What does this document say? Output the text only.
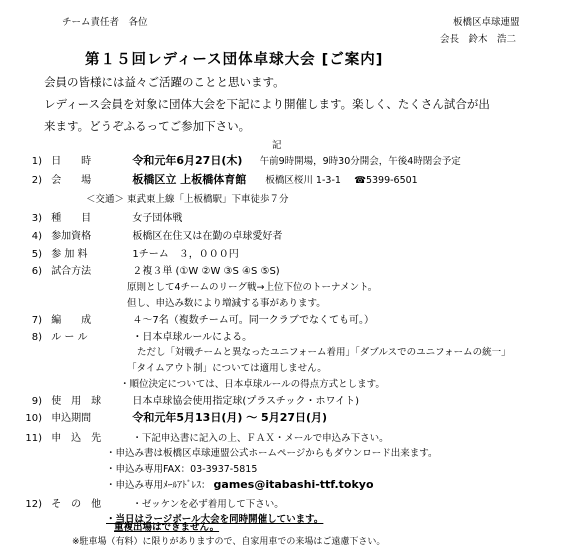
チーム責任者　各位	板橋区卓球連盟
会長　鈴木　浩二
第１５回レディース団体卓球大会 [ご案内]
会員の皆様には益々ご活躍のことと思います。
レディース会員を対象に団体大会を下記により開催します。楽しく、たくさん試合が出
来ます。どうぞふるってご参加下さい。
記
1) 日　　時	令和元年6月27日(木) 午前9時開場，9時30分開会，午後4時閉会予定
2) 会　　場	板橋区立 上板橋体育館 板橋区桜川 1-3-1 ☎5399-6501
＜交通＞ 東武東上線「上板橋駅」下車徒歩７分
3) 種　　目	女子団体戦
4) 参加資格	板橋区在住又は在勤の卓球愛好者
5) 参 加 料	1チーム　３，０００円
6) 試合方法	２複３単 (①W ②W ③S ④S ⑤S)
原則として4チームのリーグ戦→上位下位のトーナメント。
但し、申込み数により増減する事があります。
7) 編　　成	４～7名（複数チーム可。同一クラブでなくても可。）
8) ル ー ル	・日本卓球ルールによる。
ただし「対戦チームと異なったユニフォーム着用」「ダブルスでのユニフォームの統一」
「タイムアウト制」については適用しません。
・順位決定については、日本卓球ルールの得点方式とします。
9) 使　用　球	日本卓球協会使用指定球(プラスチック・ホワイト)
10) 申込期間	令和元年5月13日(月) ～ 5月27日(月)
11) 申　込　先	・下記申込書に記入の上、ＦＡＸ・メールで申込み下さい。
・申込み書は板橋区卓球連盟公式ホームページからもダウンロード出来ます。
・申込み専用FAX：03-3937-5815
・申込み専用ﾒｰﾙｱﾄﾞﾚｽ： games@itabashi-ttf.tokyo
12) そ　の　他	・ゼッケンを必ず着用して下さい。
・当日はラージボール大会を同時開催しています。
重複出場はできません。
※駐車場（有料）に限りがありますので、自家用車での来場はご遠慮下さい。
